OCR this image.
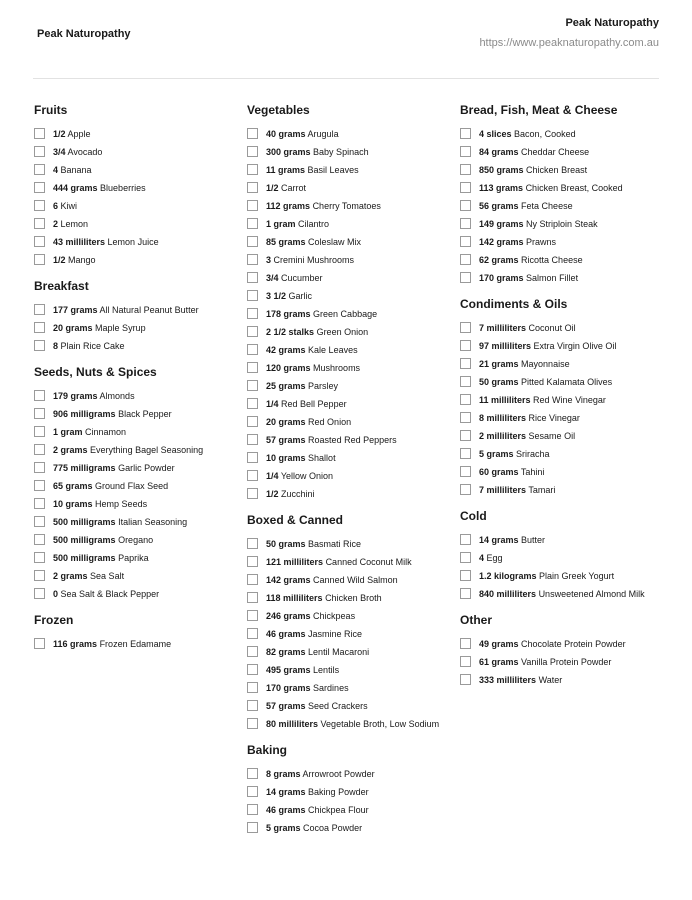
Peak Naturopathy
Peak Naturopathy
https://www.peaknaturopathy.com.au
Fruits
1/2 Apple
3/4 Avocado
4 Banana
444 grams Blueberries
6 Kiwi
2 Lemon
43 milliliters Lemon Juice
1/2 Mango
Breakfast
177 grams All Natural Peanut Butter
20 grams Maple Syrup
8 Plain Rice Cake
Seeds, Nuts & Spices
179 grams Almonds
906 milligrams Black Pepper
1 gram Cinnamon
2 grams Everything Bagel Seasoning
775 milligrams Garlic Powder
65 grams Ground Flax Seed
10 grams Hemp Seeds
500 milligrams Italian Seasoning
500 milligrams Oregano
500 milligrams Paprika
2 grams Sea Salt
0 Sea Salt & Black Pepper
Frozen
116 grams Frozen Edamame
Vegetables
40 grams Arugula
300 grams Baby Spinach
11 grams Basil Leaves
1/2 Carrot
112 grams Cherry Tomatoes
1 gram Cilantro
85 grams Coleslaw Mix
3 Cremini Mushrooms
3/4 Cucumber
3 1/2 Garlic
178 grams Green Cabbage
2 1/2 stalks Green Onion
42 grams Kale Leaves
120 grams Mushrooms
25 grams Parsley
1/4 Red Bell Pepper
20 grams Red Onion
57 grams Roasted Red Peppers
10 grams Shallot
1/4 Yellow Onion
1/2 Zucchini
Boxed & Canned
50 grams Basmati Rice
121 milliliters Canned Coconut Milk
142 grams Canned Wild Salmon
118 milliliters Chicken Broth
246 grams Chickpeas
46 grams Jasmine Rice
82 grams Lentil Macaroni
495 grams Lentils
170 grams Sardines
57 grams Seed Crackers
80 milliliters Vegetable Broth, Low Sodium
Baking
8 grams Arrowroot Powder
14 grams Baking Powder
46 grams Chickpea Flour
5 grams Cocoa Powder
Bread, Fish, Meat & Cheese
4 slices Bacon, Cooked
84 grams Cheddar Cheese
850 grams Chicken Breast
113 grams Chicken Breast, Cooked
56 grams Feta Cheese
149 grams Ny Striploin Steak
142 grams Prawns
62 grams Ricotta Cheese
170 grams Salmon Fillet
Condiments & Oils
7 milliliters Coconut Oil
97 milliliters Extra Virgin Olive Oil
21 grams Mayonnaise
50 grams Pitted Kalamata Olives
11 milliliters Red Wine Vinegar
8 milliliters Rice Vinegar
2 milliliters Sesame Oil
5 grams Sriracha
60 grams Tahini
7 milliliters Tamari
Cold
14 grams Butter
4 Egg
1.2 kilograms Plain Greek Yogurt
840 milliliters Unsweetened Almond Milk
Other
49 grams Chocolate Protein Powder
61 grams Vanilla Protein Powder
333 milliliters Water
